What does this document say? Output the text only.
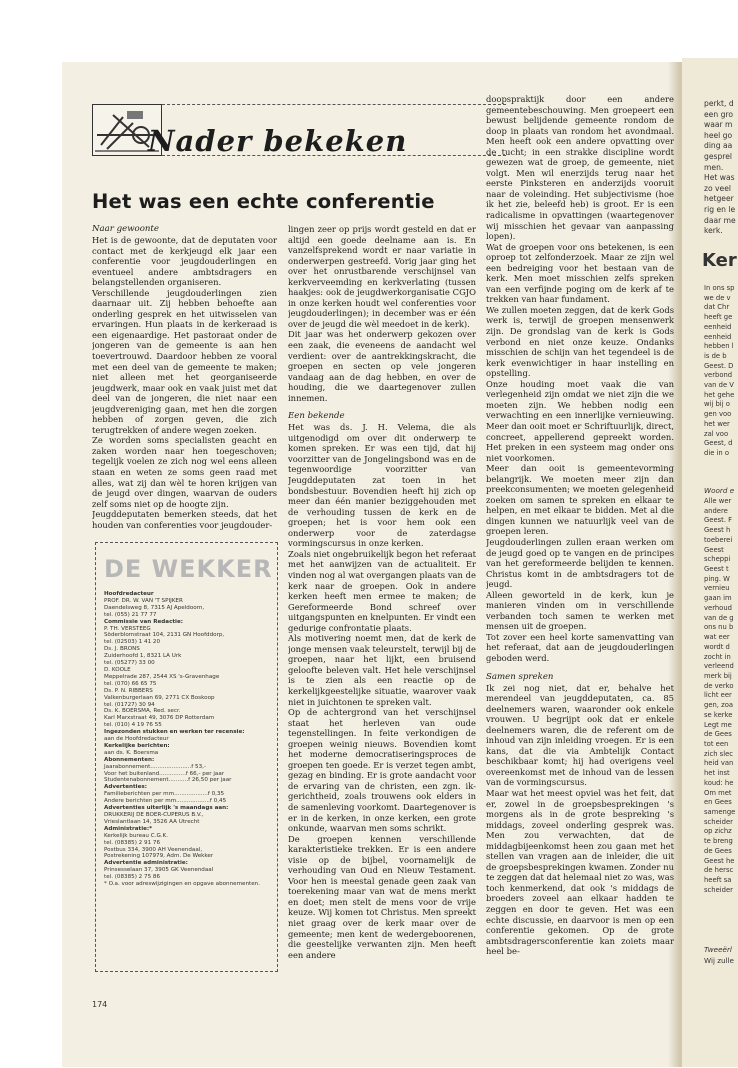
perkt, d

een gro

waar m

heel go

ding aa

gesprel

men.

Het was

zo veel

hetgeer

rig en le

daar me

kerk.

Ker

In ons sp

we de v

dat Chr

heeft ge

eenheid

eenheid

hebben l

is de b

Geest. D

verbond

van de V

het gehe

wij bij o

gen voo

het wer

zal voo

Geest, d

die in o

Woord e

Alle wer

andere

Geest. F

Geest h

toeberei

Geest

scheppi

Geest t

ping. W

vernieu

gaan im

verhoud

van de g

ons nu b

wat eer

wordt d

zocht in

verleend

merk bij

de verko

licht eer

gen, zoa

se kerke

Legt me

de Gees

tot een

zich slec

heid van

het inst

koud: he

Om met

en Gees

samenge

scheider

op zichz

te breng

de Gees

Geest he

de hersc

heeft sa

scheider

Tweeërl
Wij zulle
Nader bekeken
Het was een echte conferentie

Naar gewoonte

Het is de gewoonte, dat de deputaten voor contact met de kerkjeugd elk jaar een conferentie voor jeugdouderlingen en eventueel andere ambtsdragers en belangstellenden organiseren.

Verschillende jeugdouderlingen zien daarnaar uit. Zij hebben behoefte aan onderling gesprek en het uitwisselen van ervaringen. Hun plaats in de kerkeraad is een eigenaardige. Het pastoraat onder de jongeren van de gemeente is aan hen toevertrouwd. Daardoor hebben ze vooral met een deel van de gemeente te maken; niet alleen met het georganiseerde jeugdwerk, maar ook en vaak juist met dat deel van de jongeren, die niet naar een jeugdvereniging gaan, met hen die zorgen hebben of zorgen geven, die zich terugtrekken of andere wegen zoeken.

Ze worden soms specialisten geacht en zaken worden naar hen toegeschoven; tegelijk voelen ze zich nog wel eens alleen staan en weten ze soms geen raad met alles, wat zij dan wèl te horen krijgen van de jeugd over dingen, waarvan de ouders zelf soms niet op de hoogte zijn.

Jeugddeputaten bemerken steeds, dat het houden van conferenties voor jeugdouder-

DE WEKKER

Hoofdredacteur

PROF. DR. W. VAN 'T SPIJKER

Daendelsweg 8, 7315 AJ Apeldoorn,

tel. (055) 21 77 77

Commissie van Redactie:

P. TH. VERSTEEG

Söderblomstraat 104, 2131 GN Hoofddorp,

tel. (02503) 1 41 20

Ds. J. BRONS

Zuiderhoofd 1, 8321 LA Urk

tel. (05277) 33 00

D. KOOLE

Meppelrade 287, 2544 XS 's-Gravenhage

tel. (070) 66 65 75

Ds. P. N. RIBBERS

Valkenburgerlaan 69, 2771 CX Boskoop

tel. (01727) 30 94

Ds. K. BOERSMA, Red. secr.

Karl Marxstraat 49, 3076 DP Rotterdam

tel. (010) 4 19 76 55

Ingezonden stukken en werken ter recensie:

aan de Hoofdredacteur

Kerkelijke berichten:

aan ds. K. Boersma

Abonnementen:

Jaarabonnement.......................f 53,-

Voor het buitenland...............f 66,- per jaar

Studentenabonnement...........f 26,50 per jaar

Advertenties:

Familieberichten per mm...................f 0,35

Andere berichten per mm...................f 0,45

Advertenties uiterlijk 's maandags aan:

DRUKKERIJ DE BOER-CUPERUS B.V.,

Vrieslantlaan 14, 3526 AA Utrecht

Administratie:*

Kerkelijk bureau C.G.K.

tel. (08385) 2 91 76

Postbus 334, 3900 AH Veenendaal,

Postrekening 107979, Adm. De Wekker

Advertentie administratie:

Prinsesselaan 37, 3905 GK Veenendaal

tel. (08385) 2 75 86

* O.a. voor adreswijzigingen en opgave abonnementen.

lingen zeer op prijs wordt gesteld en dat er altijd een goede deelname aan is. En vanzelfsprekend wordt er naar variatie in onderwerpen gestreefd. Vorig jaar ging het over het onrustbarende verschijnsel van kerkverveemding en kerkverlating (tussen haakjes: ook de jeugdwerkorganisatie CGJO in onze kerken houdt wel conferenties voor jeugdouderlingen); in december was er één over de jeugd die wèl meedoet in de kerk).

Dit jaar was het onderwerp gekozen over een zaak, die eveneens de aandacht wel verdient: over de aantrekkingskracht, die groepen en secten op vele jongeren vandaag aan de dag hebben, en over de houding, die we daartegenover zullen innemen.

Een bekende

Het was ds. J. H. Velema, die als uitgenodigd om over dit onderwerp te komen spreken. Er was een tijd, dat hij voorzitter van de Jongelingsbond was en de tegenwoordige voorzitter van Jeugddeputaten zat toen in het bondsbestuur. Bovendien heeft hij zich op meer dan één manier beziggehouden met de verhouding tussen de kerk en de groepen; het is voor hem ook een onderwerp voor de zaterdagse vormingscursus in onze kerken.

Zoals niet ongebruikelijk begon het referaat met het aanwijzen van de actualiteit. Er vinden nog al wat overgangen plaats van de kerk naar de groepen. Ook in andere kerken heeft men ermee te maken; de Gereformeerde Bond schreef over uitgangspunten en knelpunten. Er vindt een gedurige confrontatie plaats.

Als motivering noemt men, dat de kerk de jonge mensen vaak teleurstelt, terwijl bij de groepen, naar het lijkt, een bruisend geloofte beleven valt. Het hele verschijnsel is te zien als een reactie op de kerkelijkgeestelijke situatie, waarover vaak niet in juichtonen te spreken valt.

Op de achtergrond van het verschijnsel staat het herleven van oude tegenstellingen. In feite verkondigen de groepen weinig nieuws. Bovendien komt het moderne democratiseringsproces de groepen ten goede. Er is verzet tegen ambt, gezag en binding. Er is grote aandacht voor de ervaring van de christen, een zgn. ik-gerichtheid, zoals trouwens ook elders in de samenleving voorkomt. Daartegenover is er in de kerken, in onze kerken, een grote onkunde, waarvan men soms schrikt.

De groepen kennen verschillende karakteristieke trekken. Er is een andere visie op de bijbel, voornamelijk de verhouding van Oud en Nieuw Testament. Voor hen is meestal genade geen zaak van toerekening maar van wat de mens merkt en doet; men stelt de mens voor de vrije keuze. Wij komen tot Christus. Men spreekt niet graag over de kerk maar over de gemeente; men kent de wedergeboorenen, die geestelijke verwanten zijn. Men heeft een andere

doopspraktijk door een andere gemeentebeschouwing. Men groepeert een bewust belijdende gemeente rondom de doop in plaats van rondom het avondmaal. Men heeft ook een andere opvatting over de tucht; in een strakke discipline wordt gewezen wat de groep, de gemeente, niet volgt. Men wil enerzijds terug naar het eerste Pinksteren en anderzijds vooruit naar de voleinding. Het subjectivisme (hoe ik het zie, beleefd heb) is groot. Er is een radicalisme in opvattingen (waartegenover wij misschien het gevaar van aanpassing lopen).

Wat de groepen voor ons betekenen, is een oproep tot zelfonderzoek. Maar ze zijn wel een bedreiging voor het bestaan van de kerk. Men moet misschien zelfs spreken van een verfijnde poging om de kerk af te trekken van haar fundament.

We zullen moeten zeggen, dat de kerk Gods werk is, terwijl de groepen mensenwerk zijn. De grondslag van de kerk is Gods verbond en niet onze keuze. Ondanks misschien de schijn van het tegendeel is de kerk evenwichtiger in haar instelling en opstelling.

Onze houding moet vaak die van verlegenheid zijn omdat we niet zijn die we moeten zijn. We hebben nodig een verwachting en een innerlijke vernieuwing. Meer dan ooit moet er Schriftuurlijk, direct, concreet, appellerend gepreekt worden. Het preken in een systeem mag onder ons niet voorkomen.

Meer dan ooit is gemeentevorming belangrijk. We moeten meer zijn dan preekconsumenten; we moeten gelegenheid zoeken om samen te spreken en elkaar te helpen, en met elkaar te bidden. Met al die dingen kunnen we natuurlijk veel van de groepen leren.

Jeugdouderlingen zullen eraan werken om de jeugd goed op te vangen en de principes van het gereformeerde belijden te kennen. Christus komt in de ambtsdragers tot de jeugd.

Alleen geworteld in de kerk, kun je manieren vinden om in verschillende verbanden toch samen te werken met mensen uit de groepen.

Tot zover een heel korte samenvatting van het referaat, dat aan de jeugdouderlingen geboden werd.

Samen spreken

Ik zei nog niet, dat er, behalve het merendeel van jeugddeputaten, ca. 85 deelnemers waren, waaronder ook enkele vrouwen. U begrijpt ook dat er enkele deelnemers waren, die de referent om de inhoud van zijn inleiding vroegen. Er is een kans, dat die via Ambtelijk Contact beschikbaar komt; hij had overigens veel overeenkomst met de inhoud van de lessen van de vormingscursus.

Maar wat het meest opviel was het feit, dat er, zowel in de groepsbesprekingen 's morgens als in de grote bespreking 's middags, zoveel onderling gesprek was. Men zou verwachten, dat de middagbijeenkomst heen zou gaan met het stellen van vragen aan de inleider, die uit de groepsbesprekingen kwamen. Zonder nu te zeggen dat dat helemaal niet zo was, was toch kenmerkend, dat ook 's middags de broeders zoveel aan elkaar hadden te zeggen en door te geven. Het was een echte discussie, en daarvoor is men op een conferentie gekomen. Op de grote ambtsdragersconferentie kan zoiets maar heel be-

174
